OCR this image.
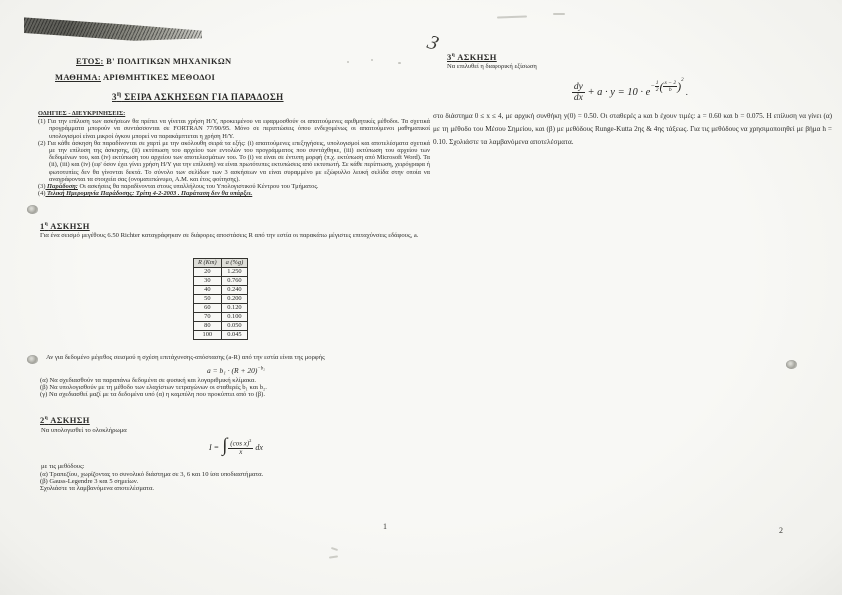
ΕΤΟΣ: Β' ΠΟΛΙΤΙΚΩΝ ΜΗΧΑΝΙΚΩΝ
ΜΑΘΗΜΑ: ΑΡΙΘΜΗΤΙΚΕΣ ΜΕΘΟΔΟΙ
$3^\eta$ ΣΕΙΡΑ ΑΣΚΗΣΕΩΝ ΓΙΑ ΠΑΡΑΔΟΣΗ
ΟΔΗΓΙΕΣ - ΔΙΕΥΚΡΙΝΗΣΕΙΣ:
(1) Για την επίλυση των ασκήσεων θα πρέπει να γίνεται χρήση Η/Υ, προκειμένου να εφαρμοσθούν οι απαιτούμενες αριθμητικές μέθοδοι. Τα σχετικά προγράμματα μπορούν να συντάσσονται σε FORTRAN 77/90/95. Μόνο σε περιπτώσεις όπου ενδεχομένως οι απαιτούμενοι μαθηματικοί υπολογισμοί είναι μικροί όγκου μπορεί να παρακάμπτεται η χρήση Η/Υ.
(2) Για κάθε άσκηση θα παραδίνονται σε χαρτί με την ακόλουθη σειρά τα εξής: (i) απαιτούμενες επεξηγήσεις, υπολογισμοί και αποτελέσματα σχετικά με την επίλυση της άσκησης, (ii) εκτύπωση του αρχείου των εντολών του προγράμματος που συντάχθηκε, (iii) εκτύπωση του αρχείου των δεδομένων του, και (iv) εκτύπωση του αρχείου των αποτελεσμάτων του. Το (i) να είναι σε έντυπη μορφή (π.χ. εκτύπωση από Microsoft Word). Τα (ii), (iii) και (iv) (εφ' όσον έχει γίνει χρήση Η/Υ για την επίλυση) να είναι πρωτότυπες εκτυπώσεις από εκτυπωτή. Σε κάθε περίπτωση, χειρόγραφα ή φωτοτυπίες δεν θα γίνονται δεκτά. Το σύνολο των σελίδων των 3 ασκήσεων να είναι συραμμένο με εξώφυλλο λευκή σελίδα στην οποία να αναγράφονται τα στοιχεία σας (ονοματεπώνυμο, Α.Μ. και έτος φοίτησης).
(3) Παράδοση: Οι ασκήσεις θα παραδίνονται στους υπαλλήλους του Υπολογιστικού Κέντρου του Τμήματος.
(4) Τελική Ημερομηνία Παράδοσης: Τρίτη 4-2-2003 . Παράταση δεν θα υπάρξει.
$1^\eta$ ΑΣΚΗΣΗ
Για ένα σεισμό μεγέθους 6.50 Richter καταγράφηκαν σε διάφορες αποστάσεις R από την εστία οι παρακάτω μέγιστες επιταχύνσεις εδάφους, a.
R (Km)	a (%g)
20	1.250
30	0.760
40	0.240
50	0.200
60	0.120
70	0.100
80	0.050
100	0.045
Αν για δεδομένο μέγεθος σεισμού η σχέση επιτάχυνσης-απόστασης (a-R) από την εστία είναι της μορφής
$a = b_1 \cdot (R + 20)^{-b_2}$
(α) Να σχεδιασθούν τα παραπάνω δεδομένα σε φυσική και λογαριθμική κλίμακα.
(β) Να υπολογισθούν με τη μέθοδο των ελαχίστων τετραγώνων οι σταθερές b₁ και b₂.
(γ) Να σχεδιασθεί μαζί με τα δεδομένα υπό (α) η καμπύλη που προκύπτει από το (β).
$2^\eta$ ΑΣΚΗΣΗ
Να υπολογισθεί το ολοκλήρωμα
I = ∫ $\frac{(\cos x)^2}{x}$ dx
με τις μεθόδους:
(α) Τραπεζίου, χωρίζοντας το συνολικό διάστημα σε 3, 6 και 10 ίσα υποδιαστήματα.
(β) Gauss-Legendre 3 και 5 σημείων.
Σχολιάστε τα λαμβανόμενα αποτελέσματα.
1
3
$3^\eta$ ΑΣΚΗΣΗ
Να επιλυθεί η διαφορική εξίσωση
$\frac{dy}{dx} + a \cdot y = 10 \cdot e- \frac{1}{2}$ ( $\frac{x - 2}{b} )^2$ .
στο διάστημα 0 ≤ x ≤ 4, με αρχική συνθήκη y(0) = 0.50. Οι σταθερές a και b έχουν τιμές: a = 0.60 και b = 0.075. Η επίλυση να γίνει (α) με τη μέθοδο του Μέσου Σημείου, και (β) με μεθόδους Runge-Kutta 2ης & 4ης τάξεως. Για τις μεθόδους να χρησιμοποιηθεί με βήμα h = 0.10. Σχολιάστε τα λαμβανόμενα αποτελέσματα.
2
